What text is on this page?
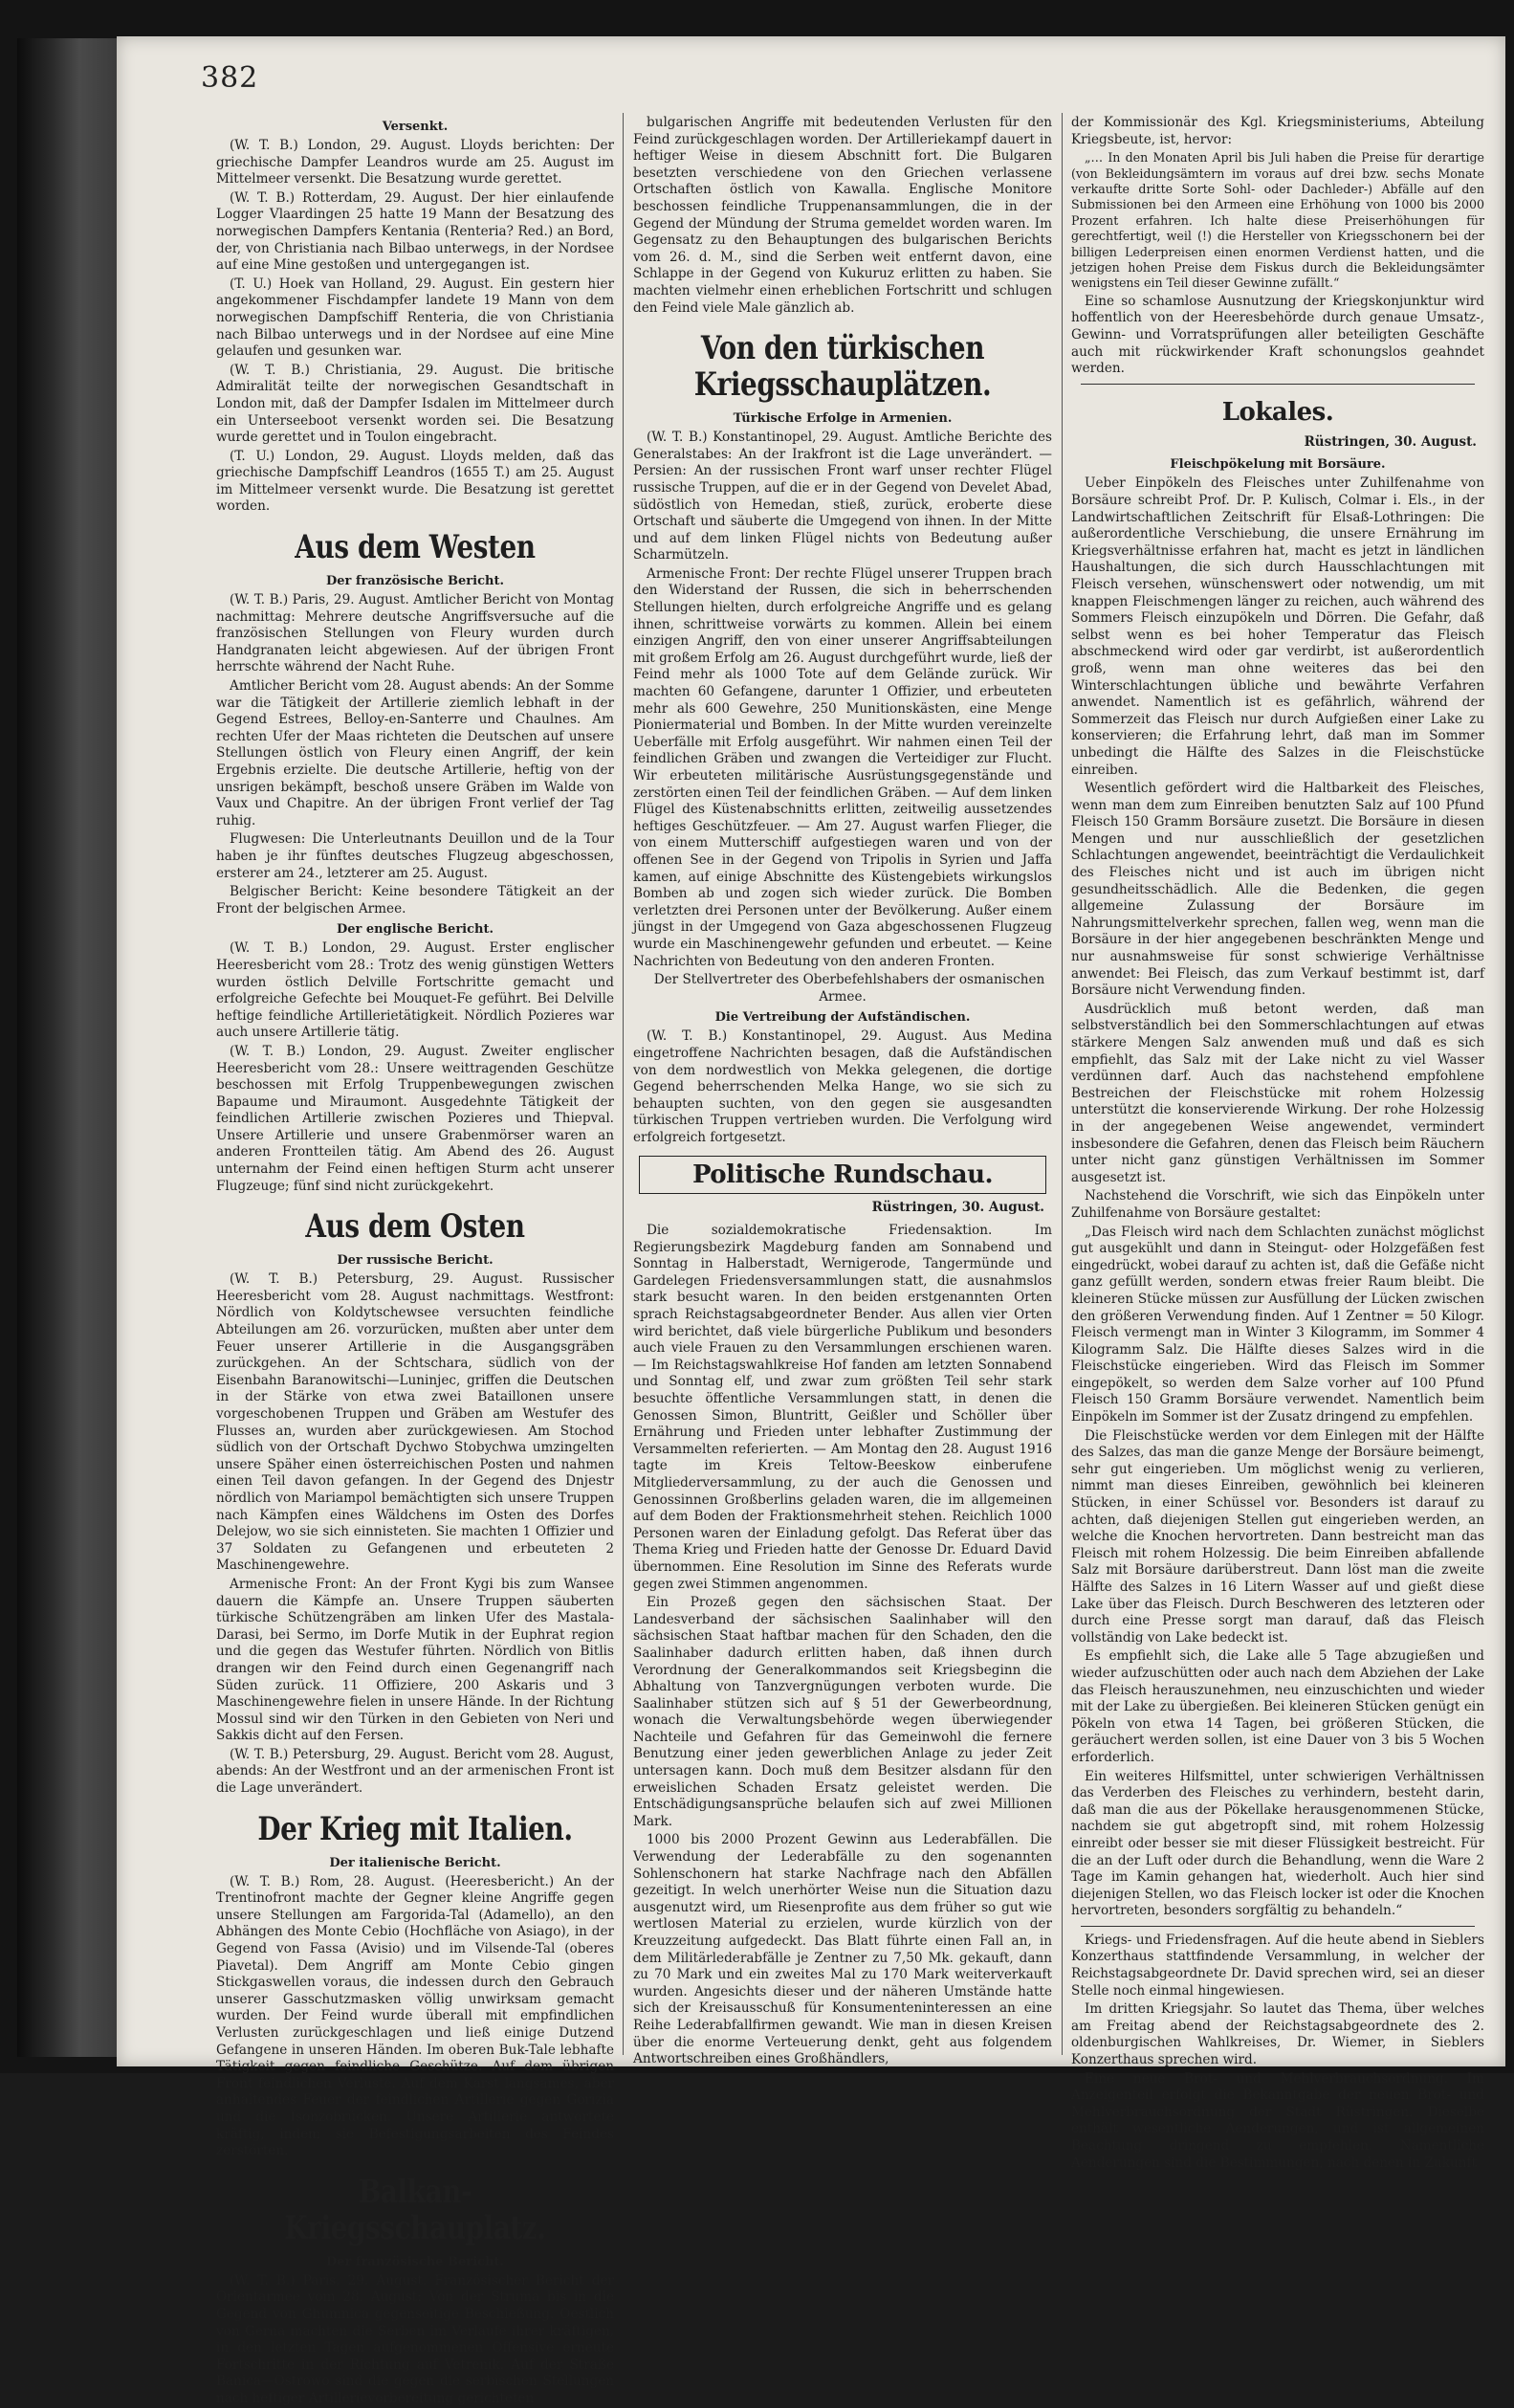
382
Versenkt.

(W. T. B.) London, 29. August. Lloyds berichten: Der griechische Dampfer Leandros wurde am 25. August im Mittelmeer versenkt. Die Besatzung wurde gerettet.

(W. T. B.) Rotterdam, 29. August. Der hier einlaufende Logger Vlaardingen 25 hatte 19 Mann der Besatzung des norwegischen Dampfers Kentania (Renteria? Red.) an Bord, der, von Christiania nach Bilbao unterwegs, in der Nordsee auf eine Mine gestoßen und untergegangen ist.

(T. U.) Hoek van Holland, 29. August. Ein gestern hier angekommener Fischdampfer landete 19 Mann von dem norwegischen Dampfschiff Renteria, die von Christiania nach Bilbao unterwegs und in der Nordsee auf eine Mine gelaufen und gesunken war.

(W. T. B.) Christiania, 29. August. Die britische Admiralität teilte der norwegischen Gesandtschaft in London mit, daß der Dampfer Isdalen im Mittelmeer durch ein Unterseeboot versenkt worden sei. Die Besatzung wurde gerettet und in Toulon eingebracht.

(T. U.) London, 29. August. Lloyds melden, daß das griechische Dampfschiff Leandros (1655 T.) am 25. August im Mittelmeer versenkt wurde. Die Besatzung ist gerettet worden.

Aus dem Westen
Der französische Bericht.

(W. T. B.) Paris, 29. August. Amtlicher Bericht von Montag nachmittag: Mehrere deutsche Angriffsversuche auf die französischen Stellungen von Fleury wurden durch Handgranaten leicht abgewiesen. Auf der übrigen Front herrschte während der Nacht Ruhe.

Amtlicher Bericht vom 28. August abends: An der Somme war die Tätigkeit der Artillerie ziemlich lebhaft in der Gegend Estrees, Belloy-en-Santerre und Chaulnes. Am rechten Ufer der Maas richteten die Deutschen auf unsere Stellungen östlich von Fleury einen Angriff, der kein Ergebnis erzielte. Die deutsche Artillerie, heftig von der unsrigen bekämpft, beschoß unsere Gräben im Walde von Vaux und Chapitre. An der übrigen Front verlief der Tag ruhig.

Flugwesen: Die Unterleutnants Deuillon und de la Tour haben je ihr fünftes deutsches Flugzeug abgeschossen, ersterer am 24., letzterer am 25. August.

Belgischer Bericht: Keine besondere Tätigkeit an der Front der belgischen Armee.

Der englische Bericht.

(W. T. B.) London, 29. August. Erster englischer Heeresbericht vom 28.: Trotz des wenig günstigen Wetters wurden östlich Delville Fortschritte gemacht und erfolgreiche Gefechte bei Mouquet-Fe geführt. Bei Delville heftige feindliche Artillerietätigkeit. Nördlich Pozieres war auch unsere Artillerie tätig.

(W. T. B.) London, 29. August. Zweiter englischer Heeresbericht vom 28.: Unsere weittragenden Geschütze beschossen mit Erfolg Truppenbewegungen zwischen Bapaume und Miraumont. Ausgedehnte Tätigkeit der feindlichen Artillerie zwischen Pozieres und Thiepval. Unsere Artillerie und unsere Grabenmörser waren an anderen Frontteilen tätig. Am Abend des 26. August unternahm der Feind einen heftigen Sturm acht unserer Flugzeuge; fünf sind nicht zurückgekehrt.

Aus dem Osten
Der russische Bericht.

(W. T. B.) Petersburg, 29. August. Russischer Heeresbericht vom 28. August nachmittags. Westfront: Nördlich von Koldytschewsee versuchten feindliche Abteilungen am 26. vorzurücken, mußten aber unter dem Feuer unserer Artillerie in die Ausgangsgräben zurückgehen. An der Schtschara, südlich von der Eisenbahn Baranowitschi—Luninjec, griffen die Deutschen in der Stärke von etwa zwei Bataillonen unsere vorgeschobenen Truppen und Gräben am Westufer des Flusses an, wurden aber zurückgewiesen. Am Stochod südlich von der Ortschaft Dychwo Stobychwa umzingelten unsere Späher einen österreichischen Posten und nahmen einen Teil davon gefangen. In der Gegend des Dnjestr nördlich von Mariampol bemächtigten sich unsere Truppen nach Kämpfen eines Wäldchens im Osten des Dorfes Delejow, wo sie sich einnisteten. Sie machten 1 Offizier und 37 Soldaten zu Gefangenen und erbeuteten 2 Maschinengewehre.

Armenische Front: An der Front Kygi bis zum Wansee dauern die Kämpfe an. Unsere Truppen säuberten türkische Schützengräben am linken Ufer des Mastala-Darasi, bei Sermo, im Dorfe Mutik in der Euphrat region und die gegen das Westufer führten. Nördlich von Bitlis drangen wir den Feind durch einen Gegenangriff nach Süden zurück. 11 Offiziere, 200 Askaris und 3 Maschinengewehre fielen in unsere Hände. In der Richtung Mossul sind wir den Türken in den Gebieten von Neri und Sakkis dicht auf den Fersen.

(W. T. B.) Petersburg, 29. August. Bericht vom 28. August, abends: An der Westfront und an der armenischen Front ist die Lage unverändert.

Der Krieg mit Italien.
Der italienische Bericht.

(W. T. B.) Rom, 28. August. (Heeresbericht.) An der Trentinofront machte der Gegner kleine Angriffe gegen unsere Stellungen am Fargorida-Tal (Adamello), an den Abhängen des Monte Cebio (Hochfläche von Asiago), in der Gegend von Fassa (Avisio) und im Vilsende-Tal (oberes Piavetal). Dem Angriff am Monte Cebio gingen Stickgaswellen voraus, die indessen durch den Gebrauch unserer Gasschutzmasken völlig unwirksam gemacht wurden. Der Feind wurde überall mit empfindlichen Verlusten zurückgeschlagen und ließ einige Dutzend Gefangene in unseren Händen. Im oberen Buk-Tale lebhafte Tätigkeit gegen feindliche Geschütze. Auf dem übrigen Front feindlichen Verluste. Auf dem Karst langsames, aber anhaltendes Feuer der feindlichen Artillerie gegen Gorizia und die Isonzobrücken. Unsere Artillerie antwortete kräftig, indem sie Befestigungsarbeiten des Feindes zerstörten.

Balkan-Kriegsschauplatz.
Der französische Bericht.

(W. T. B.) Paris, 29. August. Französischer Bericht der Orientarmee vom 28. August: Von der Struma bis in die Gegend von Ghumnica gegenseitige Beschießung. Oestlich von Gerna machten die Serben im Verlaufe ihrer kräftigen, in den letzten Tagen aufgenommenen Offensive erneute Fortschritte in der Richtung auf Vetrenik. Auf der Straße Banica—Ostrowo sind die gegen die serbischen Stellungen nach heftiger Artillerievorbereitung gerichteten

bulgarischen Angriffe mit bedeutenden Verlusten für den Feind zurückgeschlagen worden. Der Artilleriekampf dauert in heftiger Weise in diesem Abschnitt fort. Die Bulgaren besetzten verschiedene von den Griechen verlassene Ortschaften östlich von Kawalla. Englische Monitore beschossen feindliche Truppenansammlungen, die in der Gegend der Mündung der Struma gemeldet worden waren. Im Gegensatz zu den Behauptungen des bulgarischen Berichts vom 26. d. M., sind die Serben weit entfernt davon, eine Schlappe in der Gegend von Kukuruz erlitten zu haben. Sie machten vielmehr einen erheblichen Fortschritt und schlugen den Feind viele Male gänzlich ab.

Von den türkischen Kriegsschauplätzen.
Türkische Erfolge in Armenien.

(W. T. B.) Konstantinopel, 29. August. Amtliche Berichte des Generalstabes: An der Irakfront ist die Lage unverändert. — Persien: An der russischen Front warf unser rechter Flügel russische Truppen, auf die er in der Gegend von Develet Abad, südöstlich von Hemedan, stieß, zurück, eroberte diese Ortschaft und säuberte die Umgegend von ihnen. In der Mitte und auf dem linken Flügel nichts von Bedeutung außer Scharmützeln.

Armenische Front: Der rechte Flügel unserer Truppen brach den Widerstand der Russen, die sich in beherrschenden Stellungen hielten, durch erfolgreiche Angriffe und es gelang ihnen, schrittweise vorwärts zu kommen. Allein bei einem einzigen Angriff, den von einer unserer Angriffsabteilungen mit großem Erfolg am 26. August durchgeführt wurde, ließ der Feind mehr als 1000 Tote auf dem Gelände zurück. Wir machten 60 Gefangene, darunter 1 Offizier, und erbeuteten mehr als 600 Gewehre, 250 Munitionskästen, eine Menge Pioniermaterial und Bomben. In der Mitte wurden vereinzelte Ueberfälle mit Erfolg ausgeführt. Wir nahmen einen Teil der feindlichen Gräben und zwangen die Verteidiger zur Flucht. Wir erbeuteten militärische Ausrüstungsgegenstände und zerstörten einen Teil der feindlichen Gräben. — Auf dem linken Flügel des Küstenabschnitts erlitten, zeitweilig aussetzendes heftiges Geschützfeuer. — Am 27. August warfen Flieger, die von einem Mutterschiff aufgestiegen waren und von der offenen See in der Gegend von Tripolis in Syrien und Jaffa kamen, auf einige Abschnitte des Küstengebiets wirkungslos Bomben ab und zogen sich wieder zurück. Die Bomben verletzten drei Personen unter der Bevölkerung. Außer einem jüngst in der Umgegend von Gaza abgeschossenen Flugzeug wurde ein Maschinengewehr gefunden und erbeutet. — Keine Nachrichten von Bedeutung von den anderen Fronten.

Der Stellvertreter des Oberbefehlshabers der osmanischen Armee.

Die Vertreibung der Aufständischen.

(W. T. B.) Konstantinopel, 29. August. Aus Medina eingetroffene Nachrichten besagen, daß die Aufständischen von dem nordwestlich von Mekka gelegenen, die dortige Gegend beherrschenden Melka Hange, wo sie sich zu behaupten suchten, von den gegen sie ausgesandten türkischen Truppen vertrieben wurden. Die Verfolgung wird erfolgreich fortgesetzt.

Politische Rundschau.
Rüstringen, 30. August.

Die sozialdemokratische Friedensaktion. Im Regierungsbezirk Magdeburg fanden am Sonnabend und Sonntag in Halberstadt, Wernigerode, Tangermünde und Gardelegen Friedensversammlungen statt, die ausnahmslos stark besucht waren. In den beiden erstgenannten Orten sprach Reichstagsabgeordneter Bender. Aus allen vier Orten wird berichtet, daß viele bürgerliche Publikum und besonders auch viele Frauen zu den Versammlungen erschienen waren. — Im Reichstagswahlkreise Hof fanden am letzten Sonnabend und Sonntag elf, und zwar zum größten Teil sehr stark besuchte öffentliche Versammlungen statt, in denen die Genossen Simon, Bluntritt, Geißler und Schöller über Ernährung und Frieden unter lebhafter Zustimmung der Versammelten referierten. — Am Montag den 28. August 1916 tagte im Kreis Teltow-Beeskow einberufene Mitgliederversammlung, zu der auch die Genossen und Genossinnen Großberlins geladen waren, die im allgemeinen auf dem Boden der Fraktionsmehrheit stehen. Reichlich 1000 Personen waren der Einladung gefolgt. Das Referat über das Thema Krieg und Frieden hatte der Genosse Dr. Eduard David übernommen. Eine Resolution im Sinne des Referats wurde gegen zwei Stimmen angenommen.

Ein Prozeß gegen den sächsischen Staat. Der Landesverband der sächsischen Saalinhaber will den sächsischen Staat haftbar machen für den Schaden, den die Saalinhaber dadurch erlitten haben, daß ihnen durch Verordnung der Generalkommandos seit Kriegsbeginn die Abhaltung von Tanzvergnügungen verboten wurde. Die Saalinhaber stützen sich auf § 51 der Gewerbeordnung, wonach die Verwaltungsbehörde wegen überwiegender Nachteile und Gefahren für das Gemeinwohl die fernere Benutzung einer jeden gewerblichen Anlage zu jeder Zeit untersagen kann. Doch muß dem Besitzer alsdann für den erweislichen Schaden Ersatz geleistet werden. Die Entschädigungsansprüche belaufen sich auf zwei Millionen Mark.

1000 bis 2000 Prozent Gewinn aus Lederabfällen. Die Verwendung der Lederabfälle zu den sogenannten Sohlenschonern hat starke Nachfrage nach den Abfällen gezeitigt. In welch unerhörter Weise nun die Situation dazu ausgenutzt wird, um Riesenprofite aus dem früher so gut wie wertlosen Material zu erzielen, wurde kürzlich von der Kreuzzeitung aufgedeckt. Das Blatt führte einen Fall an, in dem Militärlederabfälle je Zentner zu 7,50 Mk. gekauft, dann zu 70 Mark und ein zweites Mal zu 170 Mark weiterverkauft wurden. Angesichts dieser und der näheren Umstände hatte sich der Kreisausschuß für Konsumenteninteressen an eine Reihe Lederabfallfirmen gewandt. Wie man in diesen Kreisen über die enorme Verteuerung denkt, geht aus folgendem Antwortschreiben eines Großhändlers,

der Kommissionär des Kgl. Kriegsministeriums, Abteilung Kriegsbeute, ist, hervor:

„… In den Monaten April bis Juli haben die Preise für derartige (von Bekleidungsämtern im voraus auf drei bzw. sechs Monate verkaufte dritte Sorte Sohl- oder Dachleder-) Abfälle auf den Submissionen bei den Armeen eine Erhöhung von 1000 bis 2000 Prozent erfahren. Ich halte diese Preiserhöhungen für gerechtfertigt, weil (!) die Hersteller von Kriegsschonern bei der billigen Lederpreisen einen enormen Verdienst hatten, und die jetzigen hohen Preise dem Fiskus durch die Bekleidungsämter wenigstens ein Teil dieser Gewinne zufällt.“

Eine so schamlose Ausnutzung der Kriegskonjunktur wird hoffentlich von der Heeresbehörde durch genaue Umsatz-, Gewinn- und Vorratsprüfungen aller beteiligten Geschäfte auch mit rückwirkender Kraft schonungslos geahndet werden.

Lokales.
Rüstringen, 30. August.
Fleischpökelung mit Borsäure.

Ueber Einpökeln des Fleisches unter Zuhilfenahme von Borsäure schreibt Prof. Dr. P. Kulisch, Colmar i. Els., in der Landwirtschaftlichen Zeitschrift für Elsaß-Lothringen: Die außerordentliche Verschiebung, die unsere Ernährung im Kriegsverhältnisse erfahren hat, macht es jetzt in ländlichen Haushaltungen, die sich durch Hausschlachtungen mit Fleisch versehen, wünschenswert oder notwendig, um mit knappen Fleischmengen länger zu reichen, auch während des Sommers Fleisch einzupökeln und Dörren. Die Gefahr, daß selbst wenn es bei hoher Temperatur das Fleisch abschmeckend wird oder gar verdirbt, ist außerordentlich groß, wenn man ohne weiteres das bei den Winterschlachtungen übliche und bewährte Verfahren anwendet. Namentlich ist es gefährlich, während der Sommerzeit das Fleisch nur durch Aufgießen einer Lake zu konservieren; die Erfahrung lehrt, daß man im Sommer unbedingt die Hälfte des Salzes in die Fleischstücke einreiben.

Wesentlich gefördert wird die Haltbarkeit des Fleisches, wenn man dem zum Einreiben benutzten Salz auf 100 Pfund Fleisch 150 Gramm Borsäure zusetzt. Die Borsäure in diesen Mengen und nur ausschließlich der gesetzlichen Schlachtungen angewendet, beeinträchtigt die Verdaulichkeit des Fleisches nicht und ist auch im übrigen nicht gesundheitsschädlich. Alle die Bedenken, die gegen allgemeine Zulassung der Borsäure im Nahrungsmittelverkehr sprechen, fallen weg, wenn man die Borsäure in der hier angegebenen beschränkten Menge und nur ausnahmsweise für sonst schwierige Verhältnisse anwendet: Bei Fleisch, das zum Verkauf bestimmt ist, darf Borsäure nicht Verwendung finden.

Ausdrücklich muß betont werden, daß man selbstverständlich bei den Sommerschlachtungen auf etwas stärkere Mengen Salz anwenden muß und daß es sich empfiehlt, das Salz mit der Lake nicht zu viel Wasser verdünnen darf. Auch das nachstehend empfohlene Bestreichen der Fleischstücke mit rohem Holzessig unterstützt die konservierende Wirkung. Der rohe Holzessig in der angegebenen Weise angewendet, vermindert insbesondere die Gefahren, denen das Fleisch beim Räuchern unter nicht ganz günstigen Verhältnissen im Sommer ausgesetzt ist.

Nachstehend die Vorschrift, wie sich das Einpökeln unter Zuhilfenahme von Borsäure gestaltet:

„Das Fleisch wird nach dem Schlachten zunächst möglichst gut ausgekühlt und dann in Steingut- oder Holzgefäßen fest eingedrückt, wobei darauf zu achten ist, daß die Gefäße nicht ganz gefüllt werden, sondern etwas freier Raum bleibt. Die kleineren Stücke müssen zur Ausfüllung der Lücken zwischen den größeren Verwendung finden. Auf 1 Zentner = 50 Kilogr. Fleisch vermengt man in Winter 3 Kilogramm, im Sommer 4 Kilogramm Salz. Die Hälfte dieses Salzes wird in die Fleischstücke eingerieben. Wird das Fleisch im Sommer eingepökelt, so werden dem Salze vorher auf 100 Pfund Fleisch 150 Gramm Borsäure verwendet. Namentlich beim Einpökeln im Sommer ist der Zusatz dringend zu empfehlen.

Die Fleischstücke werden vor dem Einlegen mit der Hälfte des Salzes, das man die ganze Menge der Borsäure beimengt, sehr gut eingerieben. Um möglichst wenig zu verlieren, nimmt man dieses Einreiben, gewöhnlich bei kleineren Stücken, in einer Schüssel vor. Besonders ist darauf zu achten, daß diejenigen Stellen gut eingerieben werden, an welche die Knochen hervortreten. Dann bestreicht man das Fleisch mit rohem Holzessig. Die beim Einreiben abfallende Salz mit Borsäure darüberstreut. Dann löst man die zweite Hälfte des Salzes in 16 Litern Wasser auf und gießt diese Lake über das Fleisch. Durch Beschweren des letzteren oder durch eine Presse sorgt man darauf, daß das Fleisch vollständig von Lake bedeckt ist.

Es empfiehlt sich, die Lake alle 5 Tage abzugießen und wieder aufzuschütten oder auch nach dem Abziehen der Lake das Fleisch herauszunehmen, neu einzuschichten und wieder mit der Lake zu übergießen. Bei kleineren Stücken genügt ein Pökeln von etwa 14 Tagen, bei größeren Stücken, die geräuchert werden sollen, ist eine Dauer von 3 bis 5 Wochen erforderlich.

Ein weiteres Hilfsmittel, unter schwierigen Verhältnissen das Verderben des Fleisches zu verhindern, besteht darin, daß man die aus der Pökellake herausgenommenen Stücke, nachdem sie gut abgetropft sind, mit rohem Holzessig einreibt oder besser sie mit dieser Flüssigkeit bestreicht. Für die an der Luft oder durch die Behandlung, wenn die Ware 2 Tage im Kamin gehangen hat, wiederholt. Auch hier sind diejenigen Stellen, wo das Fleisch locker ist oder die Knochen hervortreten, besonders sorgfältig zu behandeln.“

Kriegs- und Friedensfragen. Auf die heute abend in Sieblers Konzerthaus stattfindende Versammlung, in welcher der Reichstagsabgeordnete Dr. David sprechen wird, sei an dieser Stelle noch einmal hingewiesen.

Im dritten Kriegsjahr. So lautet das Thema, über welches am Freitag abend der Reichstagsabgeordnete des 2. oldenburgischen Wahlkreises, Dr. Wiemer, in Sieblers Konzerthaus sprechen wird.

Eine neue Brot- und Mehlverbrauchsordnung. Im Anzeigenteil erfolgt die Bekanntgabe der neuen Brot- und Mehlverbrauchsordnung der Stadt Rüstringen. Dieselbe enthält wesentliche Aenderungen, und ist allgemeinen Beachtung dringend zu empfehlen. Namentliche Aenderungen sind die Bestimmungen, nach denen in Zukunft
